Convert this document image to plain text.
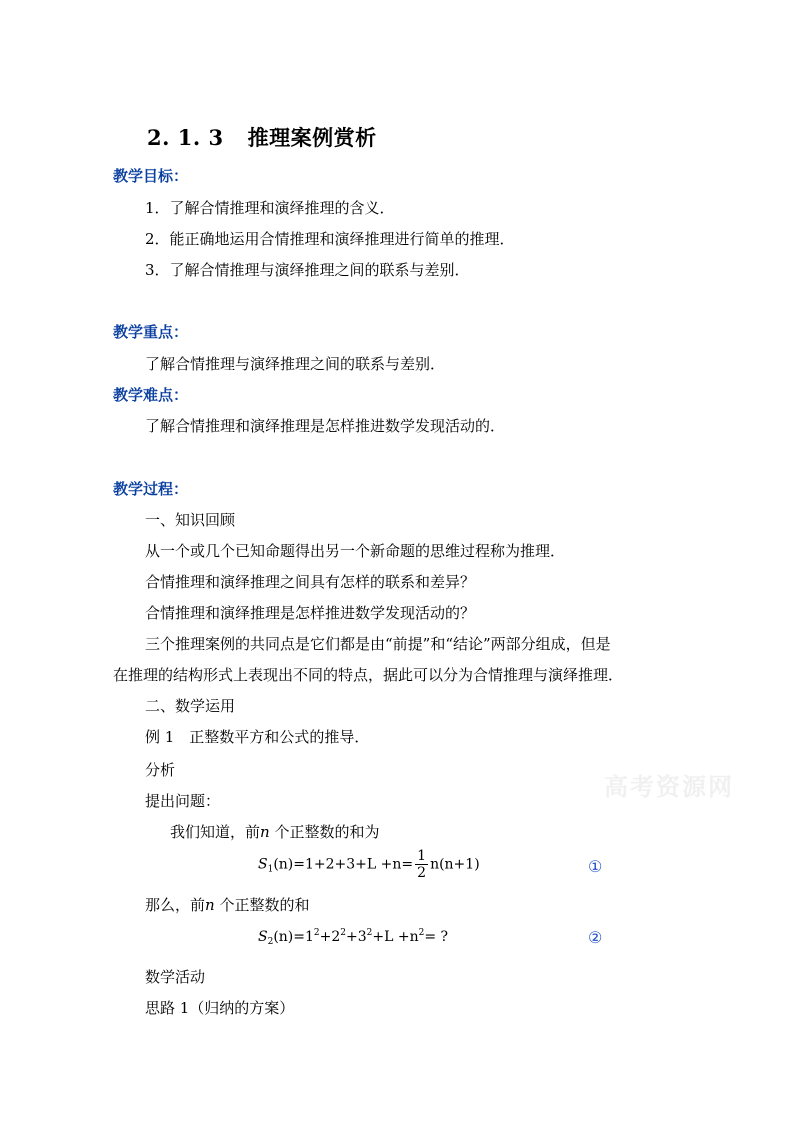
2. 1. 3 推理案例赏析
教学目标：
1．了解合情推理和演绎推理的含义．
2．能正确地运用合情推理和演绎推理进行简单的推理．
3．了解合情推理与演绎推理之间的联系与差别．
教学重点：
了解合情推理与演绎推理之间的联系与差别．
教学难点：
了解合情推理和演绎推理是怎样推进数学发现活动的．
教学过程：
一、知识回顾
从一个或几个已知命题得出另一个新命题的思维过程称为推理．
合情推理和演绎推理之间具有怎样的联系和差异？
合情推理和演绎推理是怎样推进数学发现活动的？
三个推理案例的共同点是它们都是由“前提”和“结论”两部分组成，但是
在推理的结构形式上表现出不同的特点，据此可以分为合情推理与演绎推理．
二、数学运用
例 1　正整数平方和公式的推导．
分析
提出问题：
我们知道，前n 个正整数的和为
$S_1(n)=1+2+3+L +n= \frac{1}{2} n(n+1)$	①
那么，前n 个正整数的和
$S_2(n)=1^2+2^2+3^2+L +n^2=$ ?	②
数学活动
思路 1（归纳的方案）
高考资源网
